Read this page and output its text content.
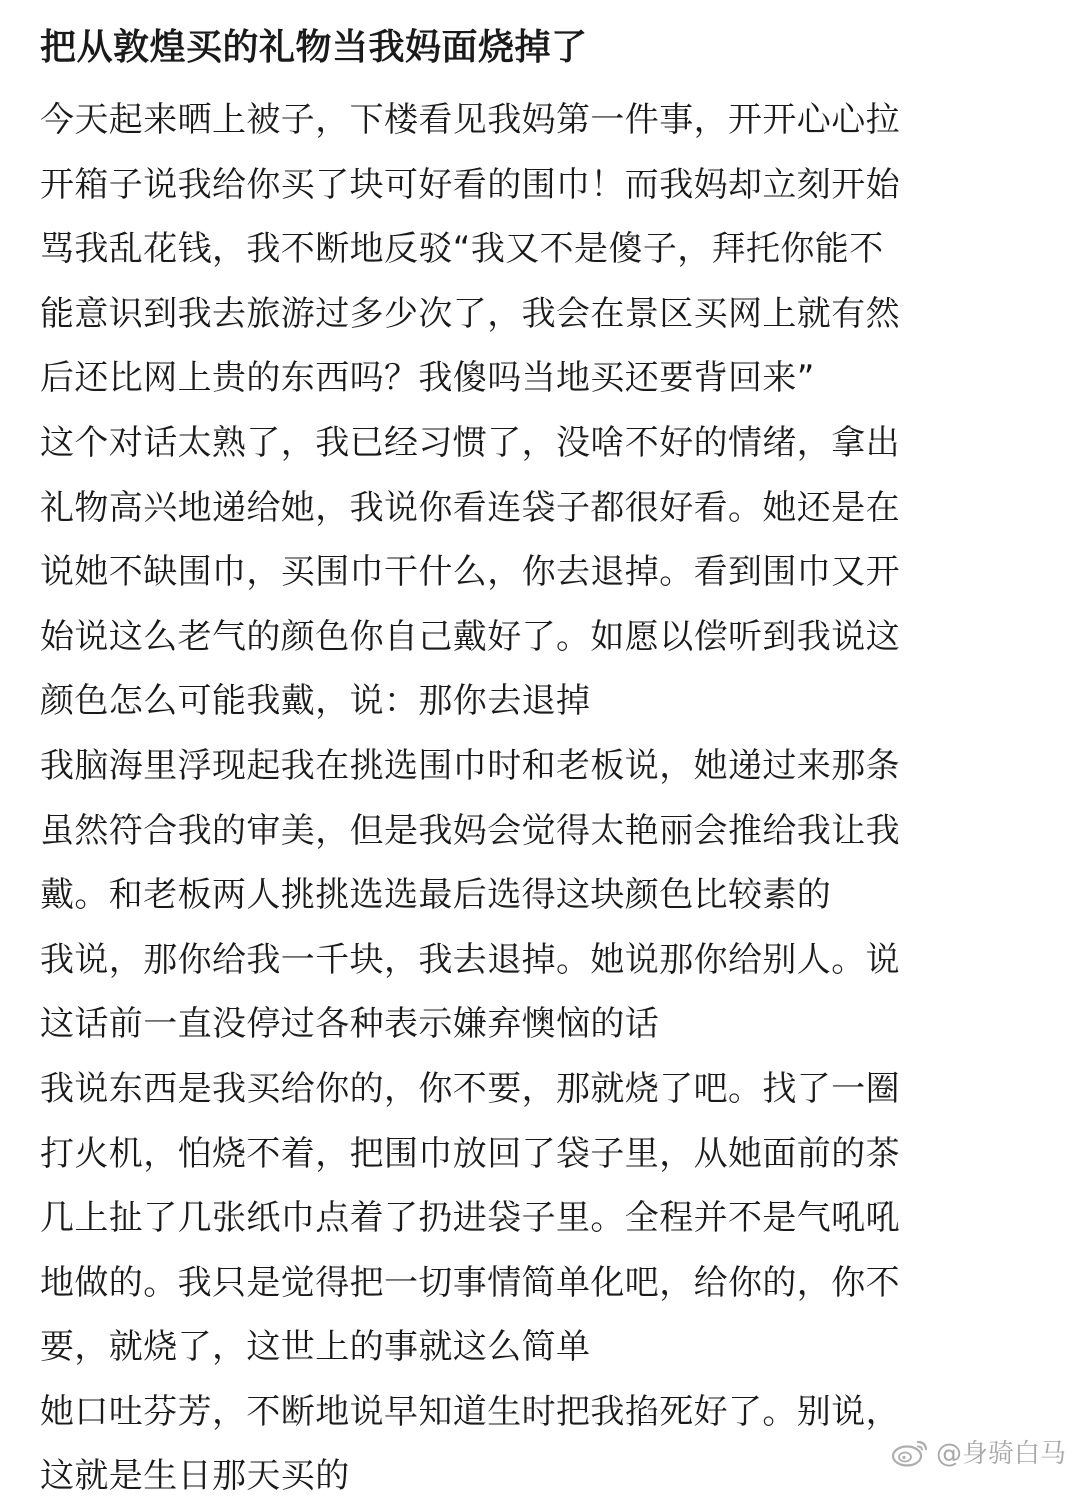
把从敦煌买的礼物当我妈面烧掉了
今天起来晒上被子，下楼看见我妈第一件事，开开心心拉
开箱子说我给你买了块可好看的围巾！而我妈却立刻开始
骂我乱花钱，我不断地反驳“我又不是傻子，拜托你能不
能意识到我去旅游过多少次了，我会在景区买网上就有然
后还比网上贵的东西吗？我傻吗当地买还要背回来”
这个对话太熟了，我已经习惯了，没啥不好的情绪，拿出
礼物高兴地递给她，我说你看连袋子都很好看。她还是在
说她不缺围巾，买围巾干什么，你去退掉。看到围巾又开
始说这么老气的颜色你自己戴好了。如愿以偿听到我说这
颜色怎么可能我戴，说：那你去退掉
我脑海里浮现起我在挑选围巾时和老板说，她递过来那条
虽然符合我的审美，但是我妈会觉得太艳丽会推给我让我
戴。和老板两人挑挑选选最后选得这块颜色比较素的
我说，那你给我一千块，我去退掉。她说那你给别人。说
这话前一直没停过各种表示嫌弃懊恼的话
我说东西是我买给你的，你不要，那就烧了吧。找了一圈
打火机，怕烧不着，把围巾放回了袋子里，从她面前的茶
几上扯了几张纸巾点着了扔进袋子里。全程并不是气吼吼
地做的。我只是觉得把一切事情简单化吧，给你的，你不
要，就烧了，这世上的事就这么简单
她口吐芬芳，不断地说早知道生时把我掐死好了。别说，
这就是生日那天买的
@身骑白马
